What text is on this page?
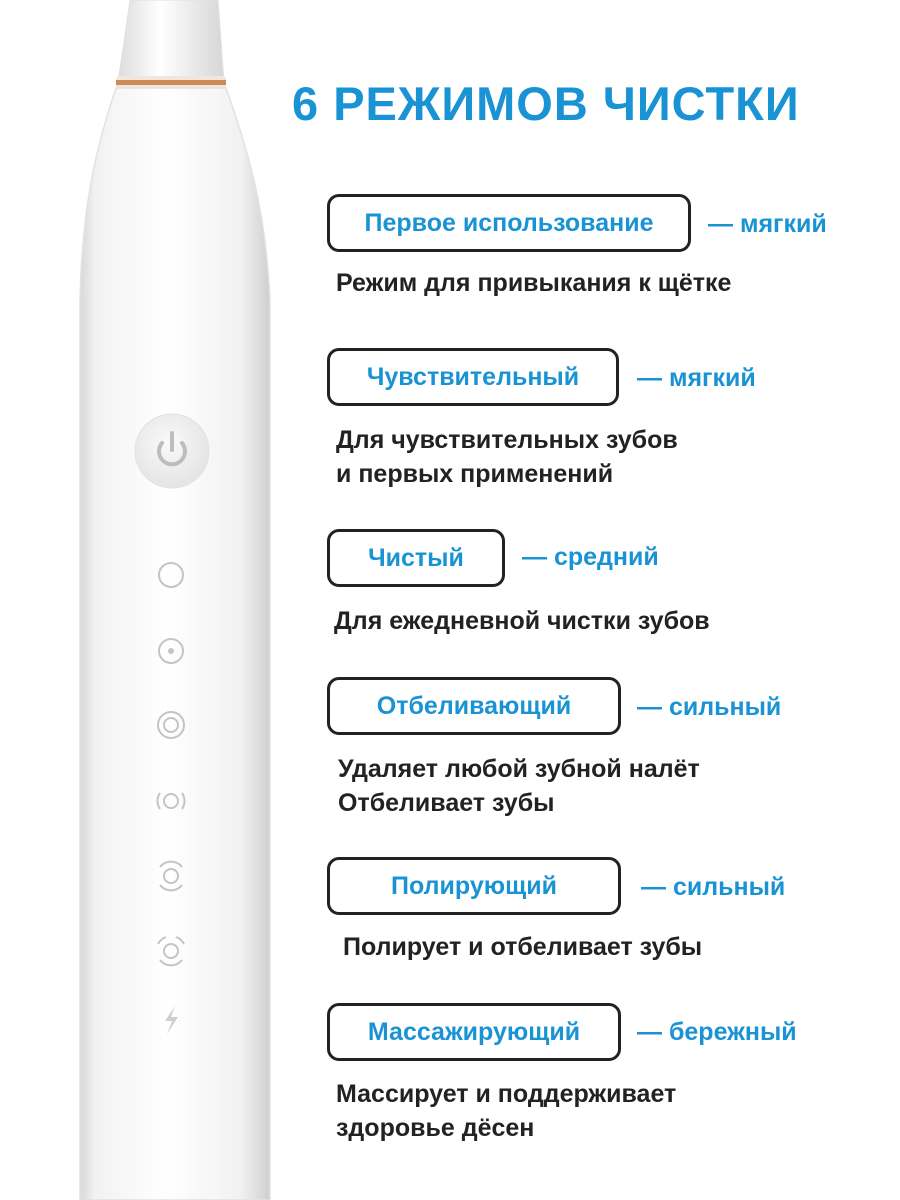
6 РЕЖИМОВ ЧИСТКИ
Первое использование	— мягкий
Режим для привыкания к щётке
Чувствительный	— мягкий
Для чувствительных зубов
и первых применений
Чистый	— средний
Для ежедневной чистки зубов
Отбеливающий	— сильный
Удаляет любой зубной налёт
Отбеливает зубы
Полирующий	— сильный
Полирует и отбеливает зубы
Массажирующий	— бережный
Массирует и поддерживает
здоровье дёсен
